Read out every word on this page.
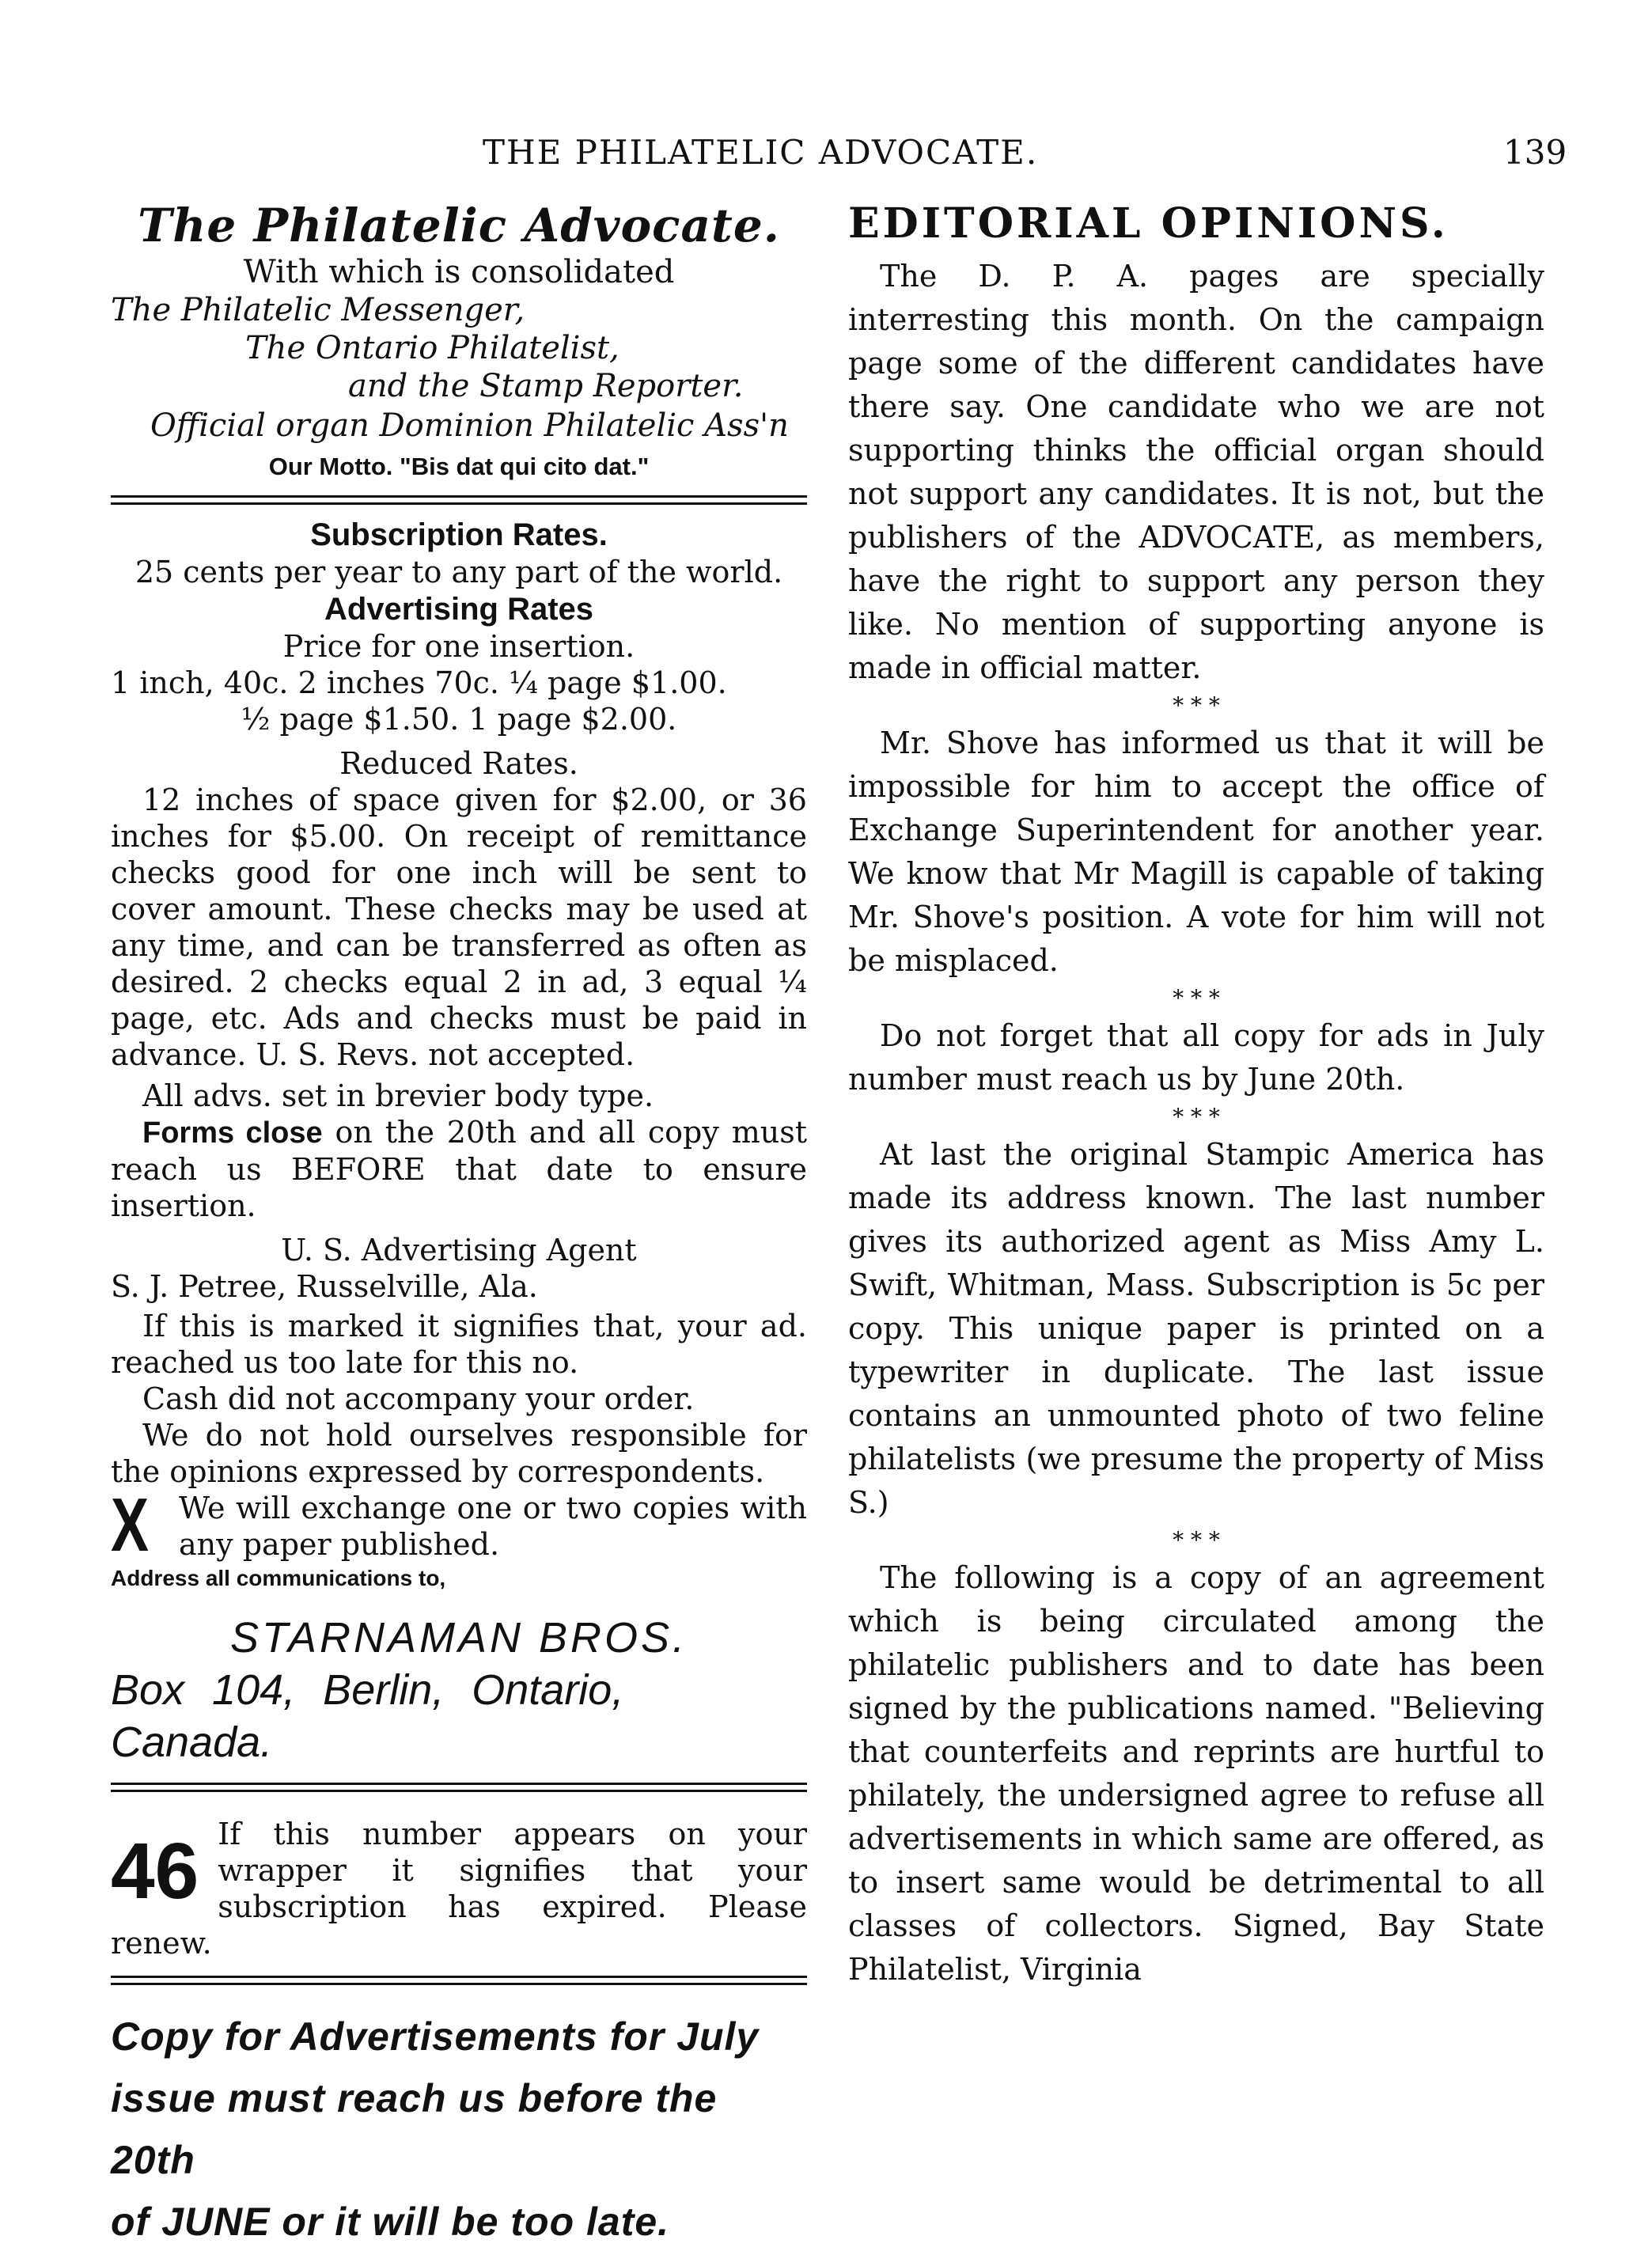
THE PHILATELIC ADVOCATE.	139
The Philatelic Advocate.
With which is consolidated
The Philatelic Messenger,
The Ontario Philatelist,
and the Stamp Reporter.
Official organ Dominion Philatelic Ass'n
Our Motto. "Bis dat qui cito dat."
Subscription Rates.
25 cents per year to any part of the world.
Advertising Rates
Price for one insertion.
1 inch, 40c. 2 inches 70c. ¼ page $1.00.
½ page $1.50. 1 page $2.00.
Reduced Rates.
12 inches of space given for $2.00, or 36 inches for $5.00. On receipt of remittance checks good for one inch will be sent to cover amount. These checks may be used at any time, and can be transferred as often as desired. 2 checks equal 2 in ad, 3 equal ¼ page, etc. Ads and checks must be paid in advance. U. S. Revs. not accepted.
All advs. set in brevier body type.
Forms close on the 20th and all copy must reach us BEFORE that date to ensure insertion.
U. S. Advertising Agent
S. J. Petree, Russelville, Ala.
If this is marked it signifies that, your ad. reached us too late for this no.
Cash did not accompany your order.
We do not hold ourselves responsible for the opinions expressed by correspondents.
X We will exchange one or two copies with any paper published.
Address all communications to,
STARNAMAN BROS.
Box 104, Berlin, Ontario, Canada.
46 If this number appears on your wrapper it signifies that your subscription has expired. Please renew.
Copy for Advertisements for July
issue must reach us before the 20th
of JUNE or it will be too late.
EDITORIAL OPINIONS.

The D. P. A. pages are specially interresting this month. On the campaign page some of the different candidates have there say. One candidate who we are not supporting thinks the official organ should not support any candidates. It is not, but the publishers of the ADVOCATE, as members, have the right to support any person they like. No mention of supporting anyone is made in official matter.

* * *

Mr. Shove has informed us that it will be impossible for him to accept the office of Exchange Superintendent for another year. We know that Mr Magill is capable of taking Mr. Shove's position. A vote for him will not be misplaced.

* * *

Do not forget that all copy for ads in July number must reach us by June 20th.

* * *

At last the original Stampic America has made its address known. The last number gives its authorized agent as Miss Amy L. Swift, Whitman, Mass. Subscription is 5c per copy. This unique paper is printed on a typewriter in duplicate. The last issue contains an unmounted photo of two feline philatelists (we presume the property of Miss S.)

* * *

The following is a copy of an agreement which is being circulated among the philatelic publishers and to date has been signed by the publications named. "Believing that counterfeits and reprints are hurtful to philately, the undersigned agree to refuse all advertisements in which same are offered, as to insert same would be detrimental to all classes of collectors. Signed, Bay State Philatelist, Virginia
